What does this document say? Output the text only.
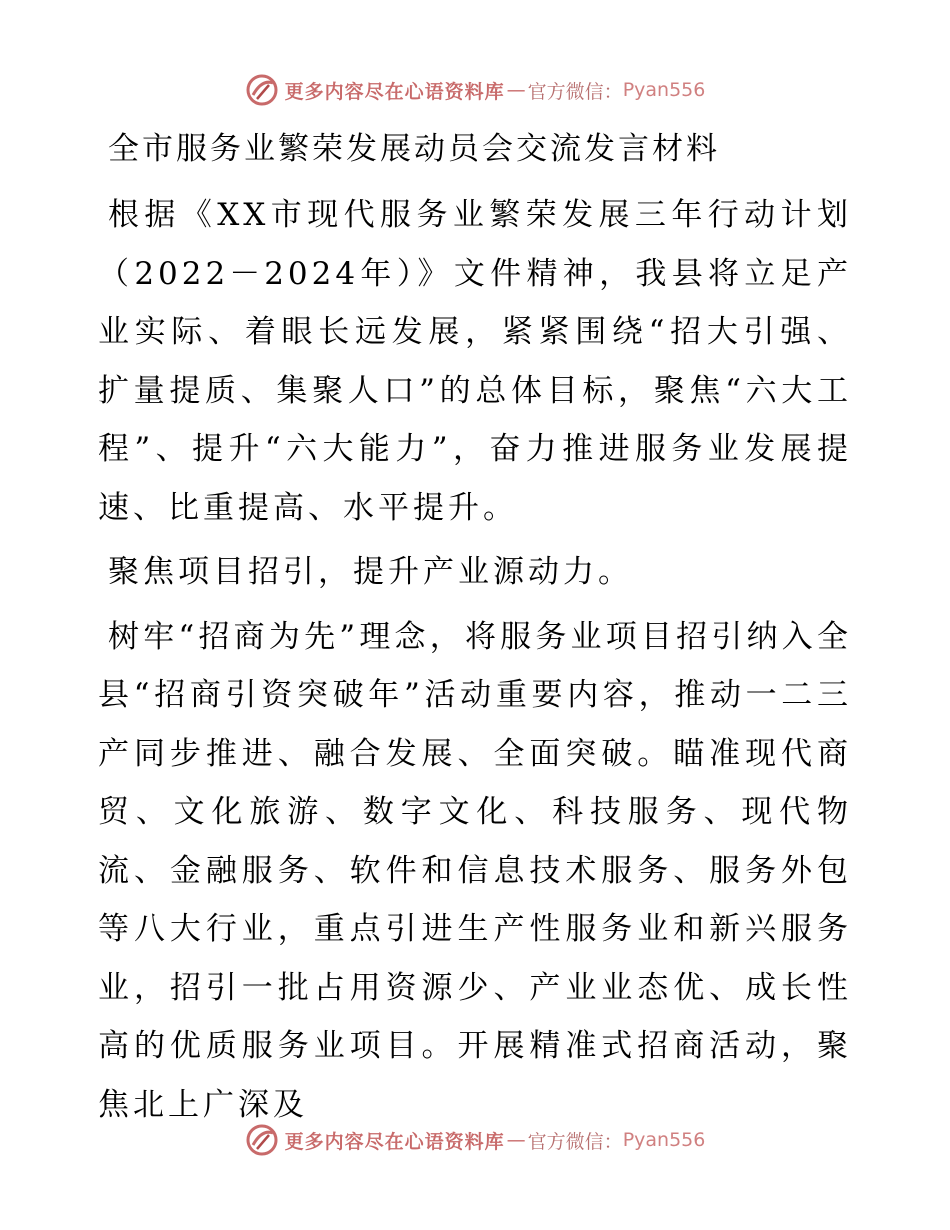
更多内容尽在心语资料库 — 官方微信： Pyan556
全市服务业繁荣发展动员会交流发言材料

根据《XX市现代服务业繁荣发展三年行动计划（2022－2024年）》文件精神，我县将立足产业实际、着眼长远发展，紧紧围绕“招大引强、扩量提质、集聚人口”的总体目标，聚焦“六大工程”、提升“六大能力”，奋力推进服务业发展提速、比重提高、水平提升。

聚焦项目招引，提升产业源动力。

树牢“招商为先”理念，将服务业项目招引纳入全县“招商引资突破年”活动重要内容，推动一二三产同步推进、融合发展、全面突破。瞄准现代商贸、文化旅游、数字文化、科技服务、现代物流、金融服务、软件和信息技术服务、服务外包等八大行业，重点引进生产性服务业和新兴服务业，招引一批占用资源少、产业业态优、成长性高的优质服务业项目。开展精准式招商活动，聚焦北上广深及

更多内容尽在心语资料库 — 官方微信： Pyan556
